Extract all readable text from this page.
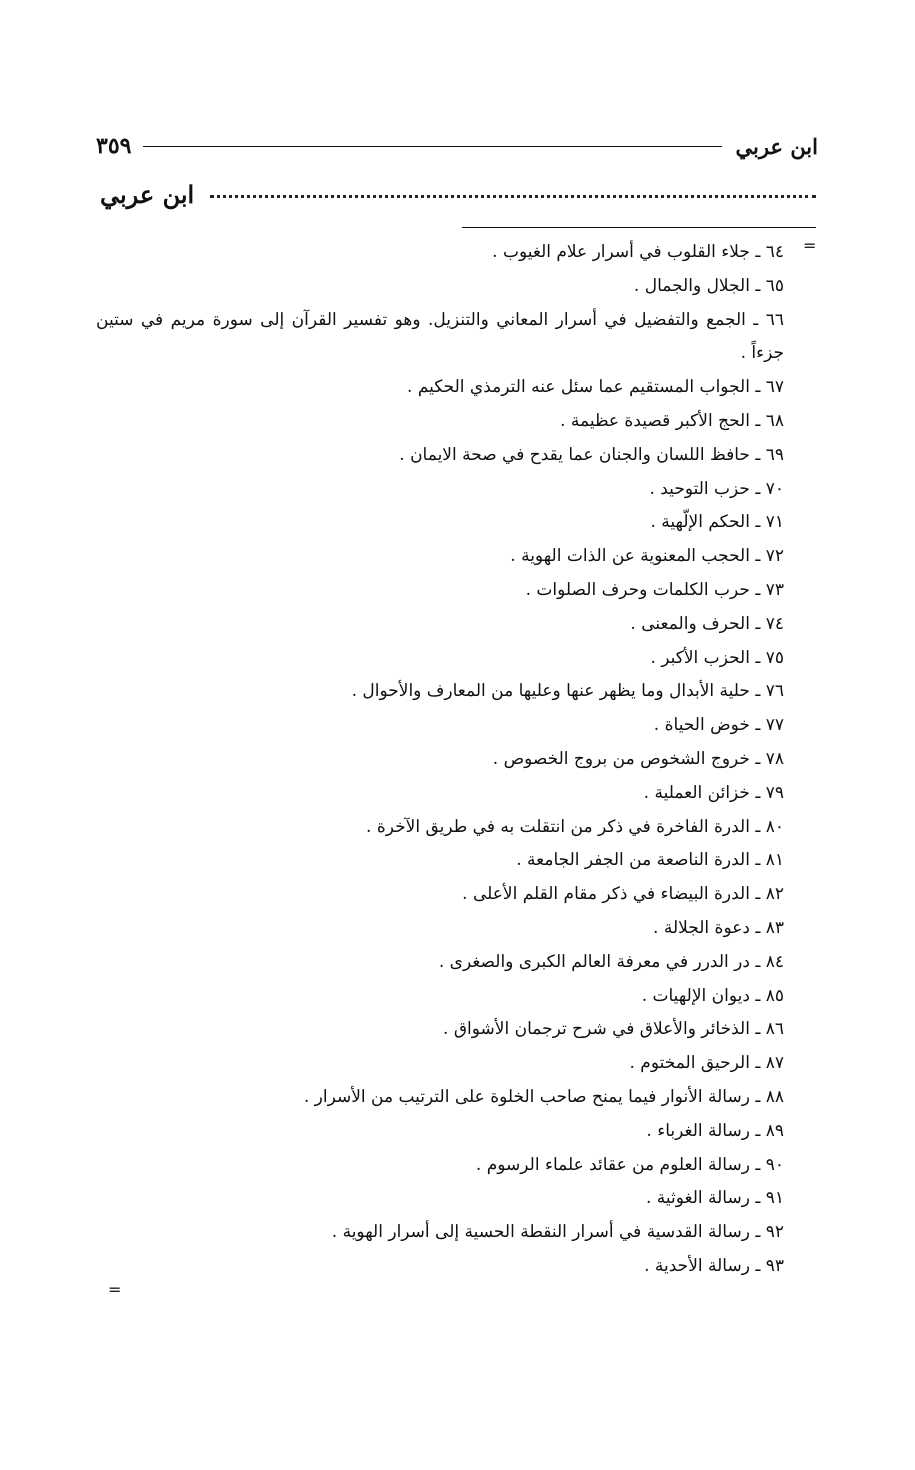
ابن عربي
٣٥٩
ابن عربي
=
٦٤ ـ جلاء القلوب في أسرار علام الغيوب .
٦٥ ـ الجلال والجمال .
٦٦ ـ الجمع والتفضيل في أسرار المعاني والتنزيل. وهو تفسير القرآن إلى سورة مريم في ستين جزءاً .
٦٧ ـ الجواب المستقيم عما سئل عنه الترمذي الحكيم .
٦٨ ـ الحج الأكبر قصيدة عظيمة .
٦٩ ـ حافظ اللسان والجنان عما يقدح في صحة الايمان .
٧٠ ـ حزب التوحيد .
٧١ ـ الحكم الإلّهية .
٧٢ ـ الحجب المعنوية عن الذات الهوية .
٧٣ ـ حرب الكلمات وحرف الصلوات .
٧٤ ـ الحرف والمعنى .
٧٥ ـ الحزب الأكبر .
٧٦ ـ حلية الأبدال وما يظهر عنها وعليها من المعارف والأحوال .
٧٧ ـ خوض الحياة .
٧٨ ـ خروج الشخوص من بروج الخصوص .
٧٩ ـ خزائن العملية .
٨٠ ـ الدرة الفاخرة في ذكر من انتقلت به في طريق الآخرة .
٨١ ـ الدرة الناصعة من الجفر الجامعة .
٨٢ ـ الدرة البيضاء في ذكر مقام القلم الأعلى .
٨٣ ـ دعوة الجلالة .
٨٤ ـ در الدرر في معرفة العالم الكبرى والصغرى .
٨٥ ـ ديوان الإلهيات .
٨٦ ـ الذخائر والأعلاق في شرح ترجمان الأشواق .
٨٧ ـ الرحيق المختوم .
٨٨ ـ رسالة الأنوار فيما يمنح صاحب الخلوة على الترتيب من الأسرار .
٨٩ ـ رسالة الغرباء .
٩٠ ـ رسالة العلوم من عقائد علماء الرسوم .
٩١ ـ رسالة الغوثية .
٩٢ ـ رسالة القدسية في أسرار النقطة الحسية إلى أسرار الهوية .
٩٣ ـ رسالة الأحدية .
=
